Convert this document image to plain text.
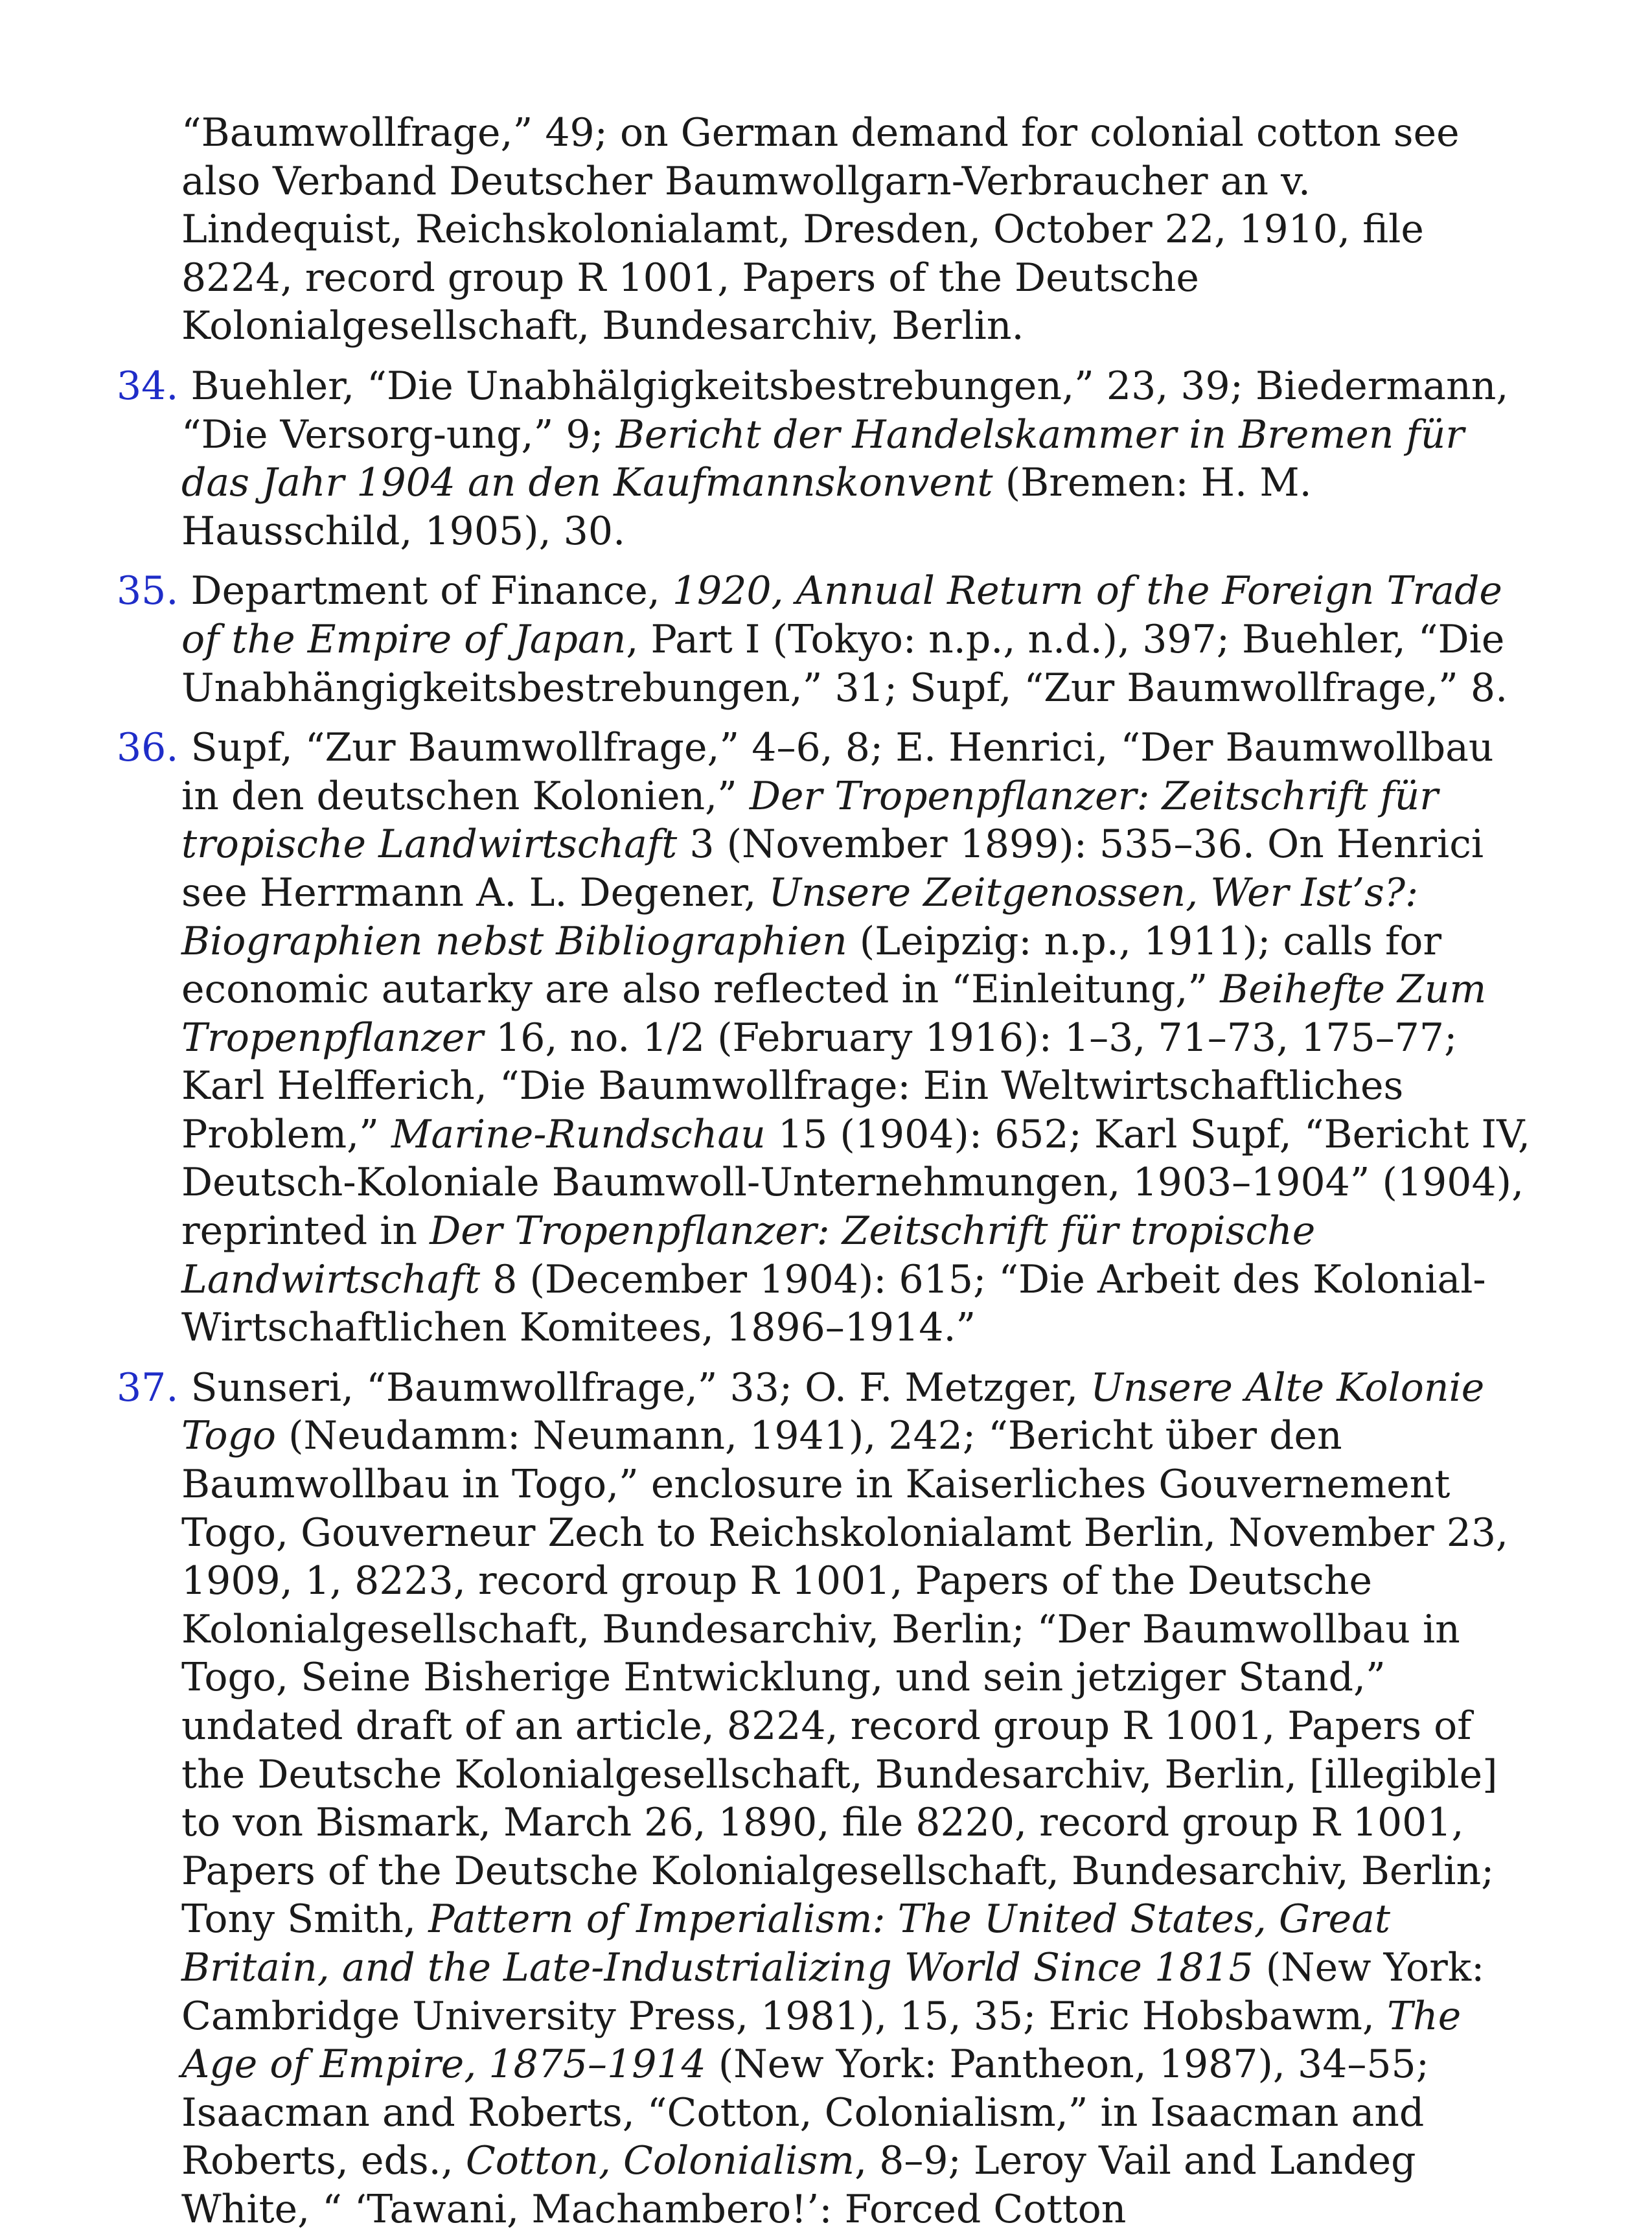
“Baumwollfrage,” 49; on German demand for colonial cotton see also Verband Deutscher Baumwollgarn-Verbraucher an v. Lindequist, Reichskolonialamt, Dresden, October 22, 1910, file 8224, record group R 1001, Papers of the Deutsche Kolonialgesellschaft, Bundesarchiv, Berlin.

34. Buehler, “Die Unabhälgigkeitsbestrebungen,” 23, 39; Biedermann, “Die Versorg-ung,” 9; Bericht der Handelskammer in Bremen für das Jahr 1904 an den Kaufmannskonvent (Bremen: H. M. Hausschild, 1905), 30.

35. Department of Finance, 1920, Annual Return of the Foreign Trade of the Empire of Japan, Part I (Tokyo: n.p., n.d.), 397; Buehler, “Die Unabhängigkeitsbestrebungen,” 31; Supf, “Zur Baumwollfrage,” 8.

36. Supf, “Zur Baumwollfrage,” 4–6, 8; E. Henrici, “Der Baumwollbau in den deutschen Kolonien,” Der Tropenpflanzer: Zeitschrift für tropische Landwirtschaft 3 (November 1899): 535–36. On Henrici see Herrmann A. L. Degener, Unsere Zeitgenossen, Wer Ist’s?: Biographien nebst Bibliographien (Leipzig: n.p., 1911); calls for economic autarky are also reflected in “Einleitung,” Beihefte Zum Tropenpflanzer 16, no. 1/2 (February 1916): 1–3, 71–73, 175–77; Karl Helfferich, “Die Baumwollfrage: Ein Weltwirtschaftliches Problem,” Marine-Rundschau 15 (1904): 652; Karl Supf, “Bericht IV, Deutsch-Koloniale Baumwoll-Unternehmungen, 1903–1904” (1904), reprinted in Der Tropenpflanzer: Zeitschrift für tropische Landwirtschaft 8 (December 1904): 615; “Die Arbeit des Kolonial-Wirtschaftlichen Komitees, 1896–1914.”

37. Sunseri, “Baumwollfrage,” 33; O. F. Metzger, Unsere Alte Kolonie Togo (Neudamm: Neumann, 1941), 242; “Bericht über den Baumwollbau in Togo,” enclosure in Kaiserliches Gouvernement Togo, Gouverneur Zech to Reichskolonialamt Berlin, November 23, 1909, 1, 8223, record group R 1001, Papers of the Deutsche Kolonialgesellschaft, Bundesarchiv, Berlin; “Der Baumwollbau in Togo, Seine Bisherige Entwicklung, und sein jetziger Stand,” undated draft of an article, 8224, record group R 1001, Papers of the Deutsche Kolonialgesellschaft, Bundesarchiv, Berlin, [illegible] to von Bismark, March 26, 1890, file 8220, record group R 1001, Papers of the Deutsche Kolonialgesellschaft, Bundesarchiv, Berlin; Tony Smith, Pattern of Imperialism: The United States, Great Britain, and the Late-Industrializing World Since 1815 (New York: Cambridge University Press, 1981), 15, 35; Eric Hobsbawm, The Age of Empire, 1875–1914 (New York: Pantheon, 1987), 34–55; Isaacman and Roberts, “Cotton, Colonialism,” in Isaacman and Roberts, eds., Cotton, Colonialism, 8–9; Leroy Vail and Landeg White, “ ‘Tawani, Machambero!’: Forced Cotton
